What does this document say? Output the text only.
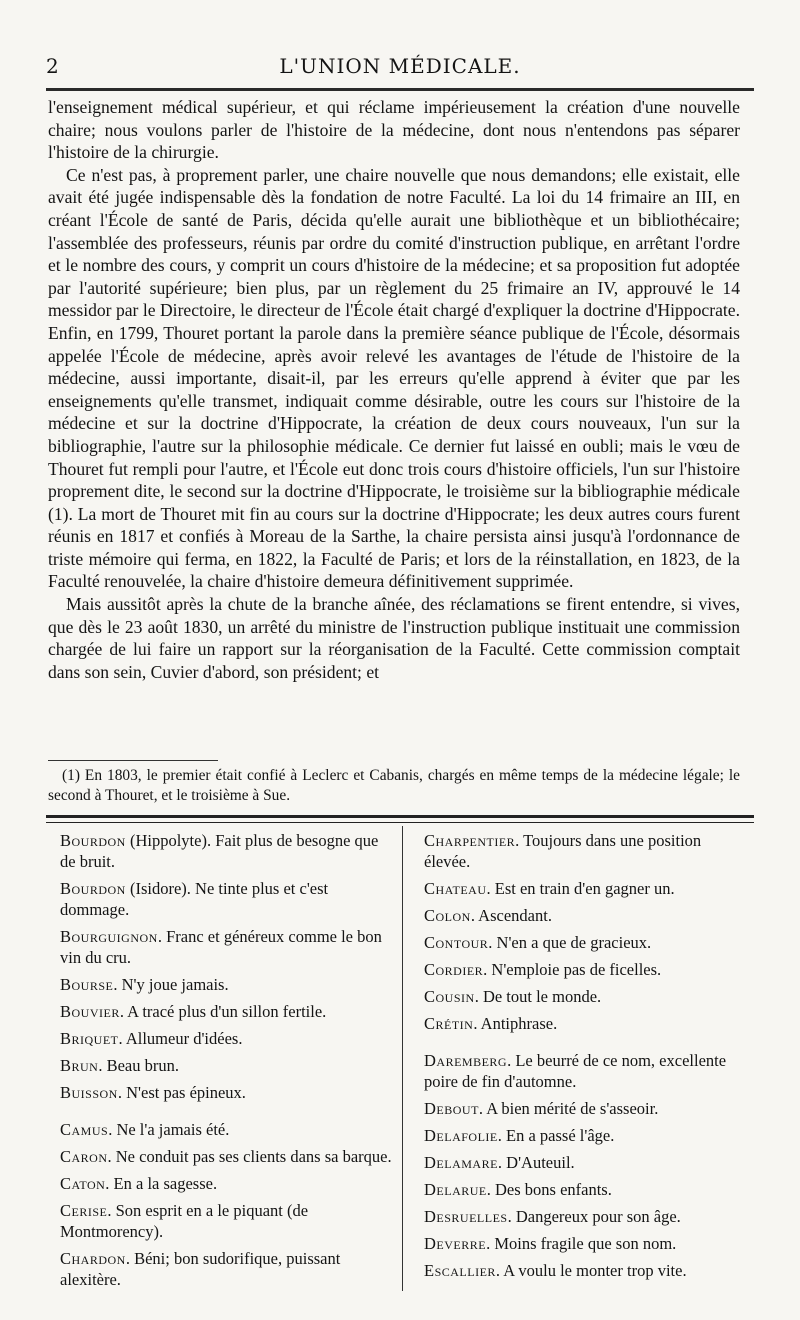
2	L'UNION MÉDICALE.

l'enseignement médical supérieur, et qui réclame impérieusement la création d'une nouvelle chaire; nous voulons parler de l'histoire de la médecine, dont nous n'entendons pas séparer l'histoire de la chirurgie.

Ce n'est pas, à proprement parler, une chaire nouvelle que nous demandons; elle existait, elle avait été jugée indispensable dès la fondation de notre Faculté. La loi du 14 frimaire an III, en créant l'École de santé de Paris, décida qu'elle aurait une bibliothèque et un bibliothécaire; l'assemblée des professeurs, réunis par ordre du comité d'instruction publique, en arrêtant l'ordre et le nombre des cours, y comprit un cours d'histoire de la médecine; et sa proposition fut adoptée par l'autorité supérieure; bien plus, par un règlement du 25 frimaire an IV, approuvé le 14 messidor par le Directoire, le directeur de l'École était chargé d'expliquer la doctrine d'Hippocrate. Enfin, en 1799, Thouret portant la parole dans la première séance publique de l'École, désormais appelée l'École de médecine, après avoir relevé les avantages de l'étude de l'histoire de la médecine, aussi importante, disait-il, par les erreurs qu'elle apprend à éviter que par les enseignements qu'elle transmet, indiquait comme désirable, outre les cours sur l'histoire de la médecine et sur la doctrine d'Hippocrate, la création de deux cours nouveaux, l'un sur la bibliographie, l'autre sur la philosophie médicale. Ce dernier fut laissé en oubli; mais le vœu de Thouret fut rempli pour l'autre, et l'École eut donc trois cours d'histoire officiels, l'un sur l'histoire proprement dite, le second sur la doctrine d'Hippocrate, le troisième sur la bibliographie médicale (1). La mort de Thouret mit fin au cours sur la doctrine d'Hippocrate; les deux autres cours furent réunis en 1817 et confiés à Moreau de la Sarthe, la chaire persista ainsi jusqu'à l'ordonnance de triste mémoire qui ferma, en 1822, la Faculté de Paris; et lors de la réinstallation, en 1823, de la Faculté renouvelée, la chaire d'histoire demeura définitivement supprimée.

Mais aussitôt après la chute de la branche aînée, des réclamations se firent entendre, si vives, que dès le 23 août 1830, un arrêté du ministre de l'instruction publique instituait une commission chargée de lui faire un rapport sur la réorganisation de la Faculté. Cette commission comptait dans son sein, Cuvier d'abord, son président; et

(1) En 1803, le premier était confié à Leclerc et Cabanis, chargés en même temps de la médecine légale; le second à Thouret, et le troisième à Sue.

Bourdon (Hippolyte). Fait plus de besogne que de bruit.

Bourdon (Isidore). Ne tinte plus et c'est dommage.

Bourguignon. Franc et généreux comme le bon vin du cru.

Bourse. N'y joue jamais.

Bouvier. A tracé plus d'un sillon fertile.

Briquet. Allumeur d'idées.

Brun. Beau brun.

Buisson. N'est pas épineux.

Camus. Ne l'a jamais été.

Caron. Ne conduit pas ses clients dans sa barque.

Caton. En a la sagesse.

Cerise. Son esprit en a le piquant (de Montmorency).

Chardon. Béni; bon sudorifique, puissant alexitère.

Charpentier. Toujours dans une position élevée.

Chateau. Est en train d'en gagner un.

Colon. Ascendant.

Contour. N'en a que de gracieux.

Cordier. N'emploie pas de ficelles.

Cousin. De tout le monde.

Crétin. Antiphrase.

Daremberg. Le beurré de ce nom, excellente poire de fin d'automne.

Debout. A bien mérité de s'asseoir.

Delafolie. En a passé l'âge.

Delamare. D'Auteuil.

Delarue. Des bons enfants.

Desruelles. Dangereux pour son âge.

Deverre. Moins fragile que son nom.

Escallier. A voulu le monter trop vite.
